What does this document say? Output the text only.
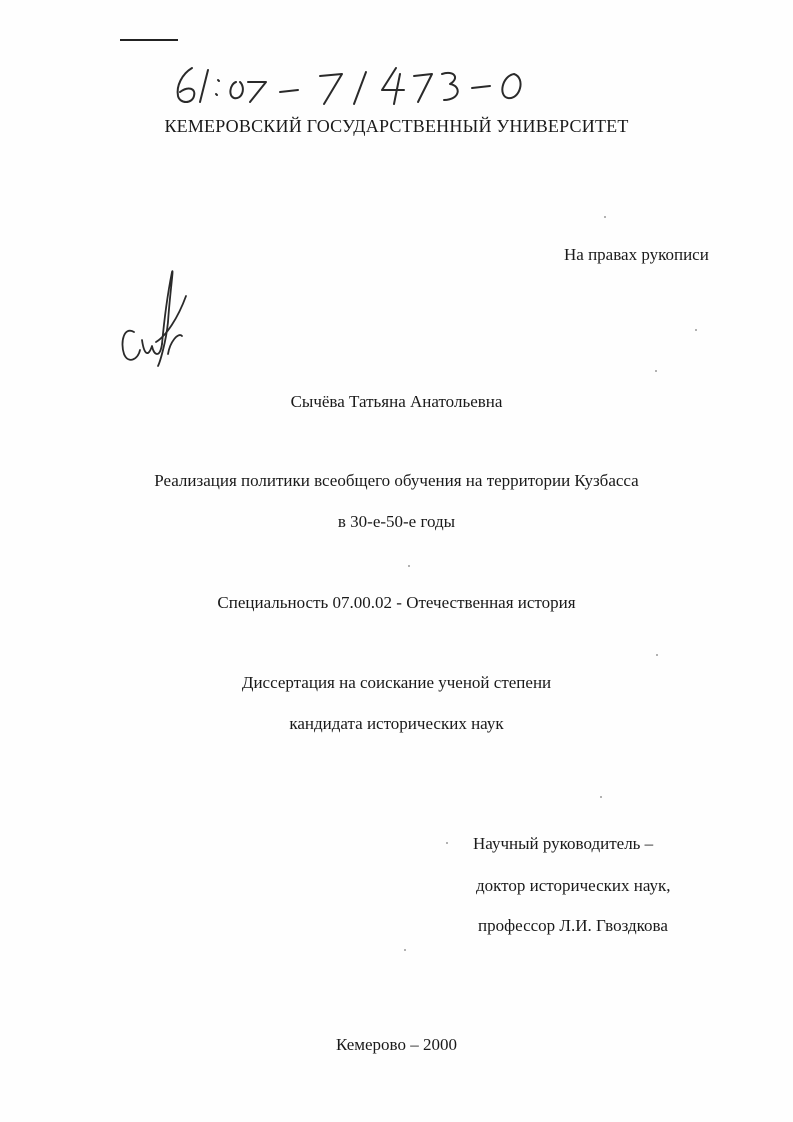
КЕМЕРОВСКИЙ ГОСУДАРСТВЕННЫЙ УНИВЕРСИТЕТ
На правах рукописи
Сычёва Татьяна Анатольевна
Реализация политики всеобщего обучения на территории Кузбасса
в 30-е-50-е годы
Специальность 07.00.02 - Отечественная история
Диссертация на соискание ученой степени
кандидата исторических наук
Научный руководитель –
доктор исторических наук,
профессор Л.И. Гвоздкова
Кемерово – 2000
